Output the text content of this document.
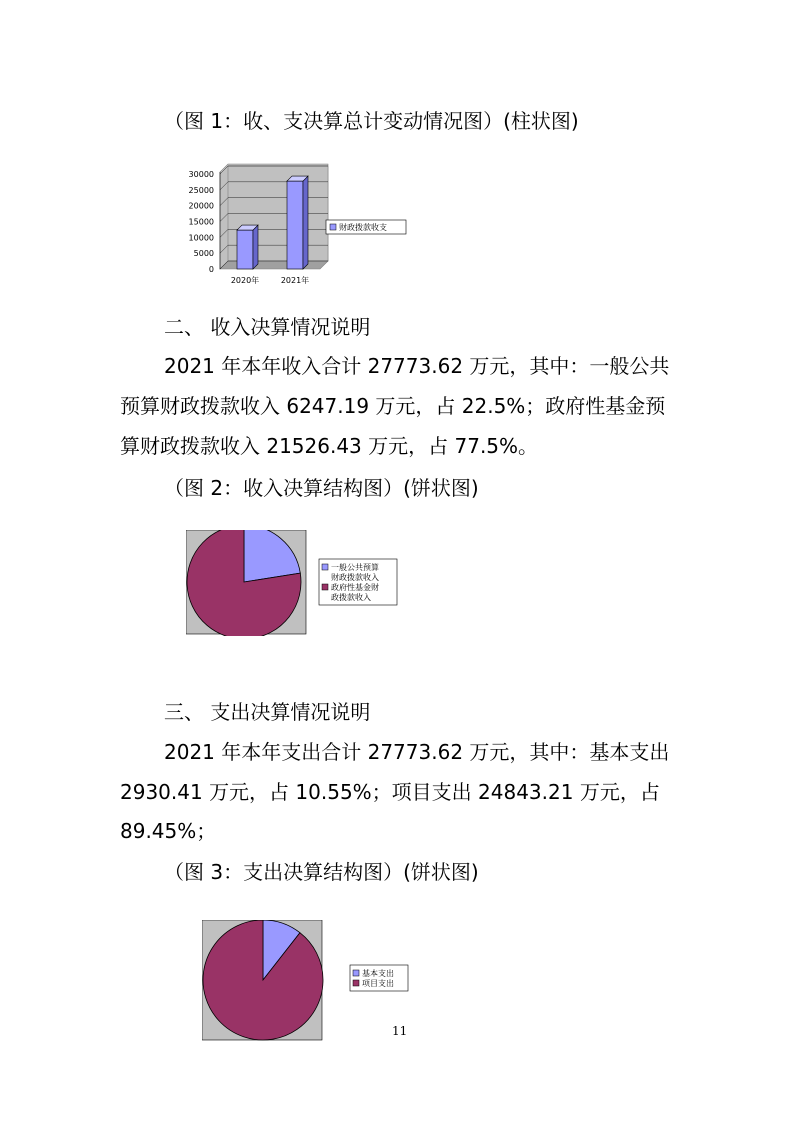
（图 1：收、支决算总计变动情况图）(柱状图)
30000
25000
20000
15000
10000
5000
0
2020年	2021年
财政拨款收支
二、 收入决算情况说明
2021 年本年收入合计 27773.62 万元，其中：一般公共
预算财政拨款收入 6247.19 万元，占 22.5%；政府性基金预
算财政拨款收入 21526.43 万元，占 77.5%。
（图 2：收入决算结构图）(饼状图)
一般公共预算
财政拨款收入
政府性基金财
政拨款收入
三、 支出决算情况说明
2021 年本年支出合计 27773.62 万元，其中：基本支出
2930.41 万元，占 10.55%；项目支出 24843.21 万元，占
89.45%；
（图 3：支出决算结构图）(饼状图)
基本支出
项目支出
11
